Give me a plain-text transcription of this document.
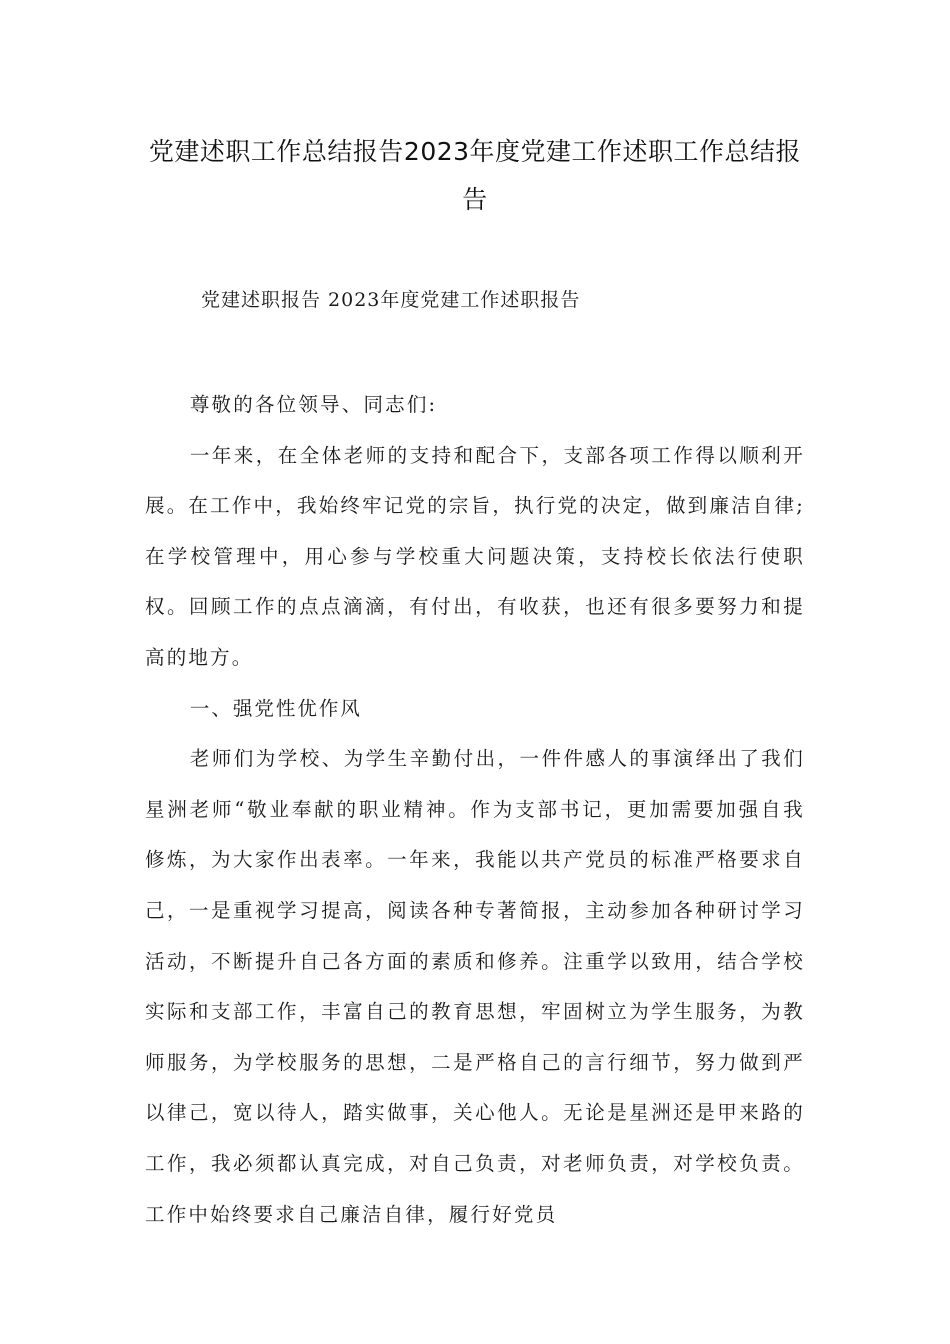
党建述职工作总结报告2023年度党建工作述职工作总结报告
党建述职报告 2023年度党建工作述职报告

尊敬的各位领导、同志们:

一年来，在全体老师的支持和配合下，支部各项工作得以顺利开展。在工作中，我始终牢记党的宗旨，执行党的决定，做到廉洁自律;在学校管理中，用心参与学校重大问题决策，支持校长依法行使职权。回顾工作的点点滴滴，有付出，有收获，也还有很多要努力和提高的地方。

一、强党性优作风

老师们为学校、为学生辛勤付出，一件件感人的事演绎出了我们星洲老师“敬业奉献的职业精神。作为支部书记，更加需要加强自我修炼，为大家作出表率。一年来，我能以共产党员的标准严格要求自己，一是重视学习提高，阅读各种专著简报，主动参加各种研讨学习活动，不断提升自己各方面的素质和修养。注重学以致用，结合学校实际和支部工作，丰富自己的教育思想，牢固树立为学生服务，为教师服务，为学校服务的思想，二是严格自己的言行细节，努力做到严以律己，宽以待人，踏实做事，关心他人。无论是星洲还是甲来路的工作，我必须都认真完成，对自己负责，对老师负责，对学校负责。工作中始终要求自己廉洁自律，履行好党员
